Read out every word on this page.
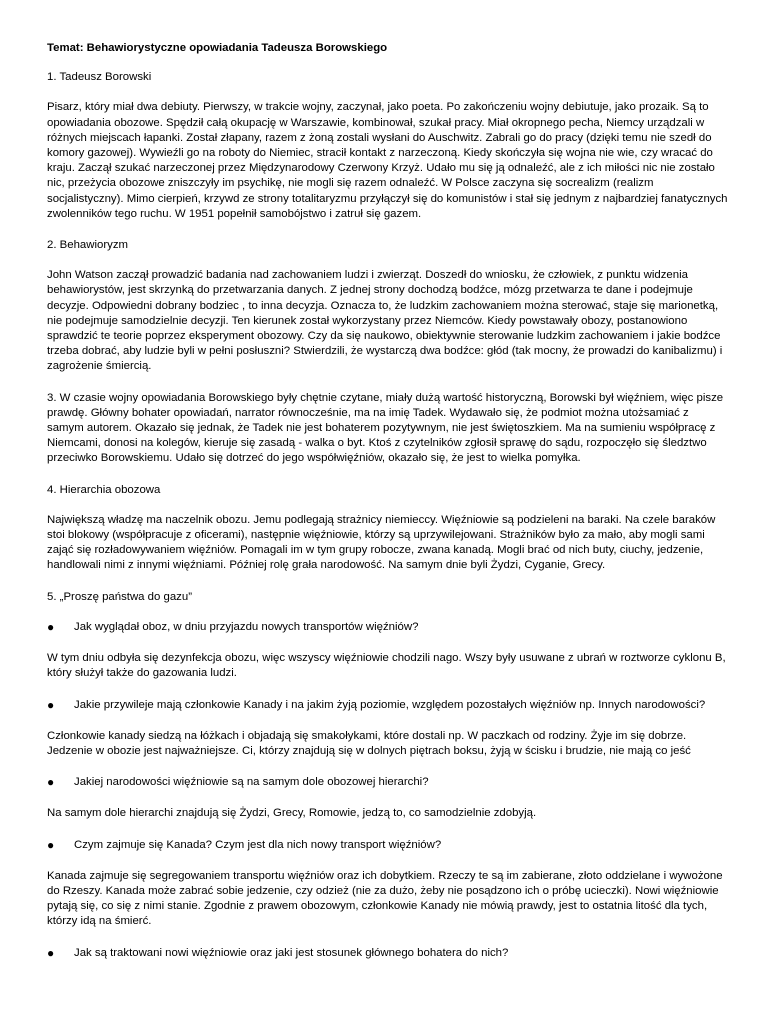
Temat: Behawiorystyczne opowiadania Tadeusza Borowskiego

1. Tadeusz Borowski

Pisarz, który miał dwa debiuty. Pierwszy, w trakcie wojny, zaczynał, jako poeta. Po zakończeniu wojny debiutuje, jako prozaik. Są to opowiadania obozowe. Spędził całą okupację w Warszawie, kombinował, szukał pracy. Miał okropnego pecha, Niemcy urządzali w różnych miejscach łapanki. Został złapany, razem z żoną zostali wysłani do Auschwitz. Zabrali go do pracy (dzięki temu nie szedł do komory gazowej). Wywieźli go na roboty do Niemiec, stracił kontakt z narzeczoną. Kiedy skończyła się wojna nie wie, czy wracać do kraju. Zaczął szukać narzeczonej przez Międzynarodowy Czerwony Krzyż. Udało mu się ją odnaleźć, ale z ich miłości nic nie zostało nic, przeżycia obozowe zniszczyły im psychikę, nie mogli się razem odnaleźć. W Polsce zaczyna się socrealizm (realizm socjalistyczny). Mimo cierpień, krzywd ze strony totalitaryzmu przyłączył się do komunistów i stał się jednym z najbardziej fanatycznych zwolenników tego ruchu. W 1951 popełnił samobójstwo i zatruł się gazem.

2. Behawioryzm

John Watson zaczął prowadzić badania nad zachowaniem ludzi i zwierząt. Doszedł do wniosku, że człowiek, z punktu widzenia behawiorystów, jest skrzynką do przetwarzania danych. Z jednej strony dochodzą bodźce, mózg przetwarza te dane i podejmuje decyzje. Odpowiedni dobrany bodziec , to inna decyzja. Oznacza to, że ludzkim zachowaniem można sterować, staje się marionetką, nie podejmuje samodzielnie decyzji. Ten kierunek został wykorzystany przez Niemców. Kiedy powstawały obozy, postanowiono sprawdzić te teorie poprzez eksperyment obozowy. Czy da się naukowo, obiektywnie sterowanie ludzkim zachowaniem i jakie bodźce trzeba dobrać, aby ludzie byli w pełni posłuszni? Stwierdzili, że wystarczą dwa bodźce: głód (tak mocny, że prowadzi do kanibalizmu) i zagrożenie śmiercią.

3. W czasie wojny opowiadania Borowskiego były chętnie czytane, miały dużą wartość historyczną, Borowski był więźniem, więc pisze prawdę. Główny bohater opowiadań, narrator równocześnie, ma na imię Tadek. Wydawało się, że podmiot można utożsamiać z samym autorem. Okazało się jednak, że Tadek nie jest bohaterem pozytywnym, nie jest świętoszkiem. Ma na sumieniu współpracę z Niemcami, donosi na kolegów, kieruje się zasadą - walka o byt. Ktoś z czytelników zgłosił sprawę do sądu, rozpoczęło się śledztwo przeciwko Borowskiemu. Udało się dotrzeć do jego współwięźniów, okazało się, że jest to wielka pomyłka.

4. Hierarchia obozowa

Największą władzę ma naczelnik obozu. Jemu podlegają strażnicy niemieccy. Więźniowie są podzieleni na baraki. Na czele baraków stoi blokowy (współpracuje z oficerami), następnie więźniowie, którzy są uprzywilejowani. Strażników było za mało, aby mogli sami zająć się rozładowywaniem więźniów. Pomagali im w tym grupy robocze, zwana kanadą. Mogli brać od nich buty, ciuchy, jedzenie, handlowali nimi z innymi więźniami. Później rolę grała narodowość. Na samym dnie byli Żydzi, Cyganie, Grecy.

5. „Proszę państwa do gazu”

●	Jak wyglądał oboz, w dniu przyjazdu nowych transportów więźniów?

W tym dniu odbyła się dezynfekcja obozu, więc wszyscy więźniowie chodzili nago. Wszy były usuwane z ubrań w roztworze cyklonu B, który służył także do gazowania ludzi.

●	Jakie przywileje mają członkowie Kanady i na jakim żyją poziomie, względem pozostałych więźniów np. Innych narodowości?

Członkowie kanady siedzą na łóżkach i objadają się smakołykami, które dostali np. W paczkach od rodziny. Żyje im się dobrze. Jedzenie w obozie jest najważniejsze. Ci, którzy znajdują się w dolnych piętrach boksu, żyją w ścisku i brudzie, nie mają co jeść

●	Jakiej narodowości więźniowie są na samym dole obozowej hierarchi?

Na samym dole hierarchi znajdują się Żydzi, Grecy, Romowie, jedzą to, co samodzielnie zdobyją.

●	Czym zajmuje się Kanada? Czym jest dla nich nowy transport więźniów?

Kanada zajmuje się segregowaniem transportu więźniów oraz ich dobytkiem. Rzeczy te są im zabierane, złoto oddzielane i wywożone do Rzeszy. Kanada może zabrać sobie jedzenie, czy odzież (nie za dużo, żeby nie posądzono ich o próbę ucieczki). Nowi więźniowie pytają się, co się z nimi stanie. Zgodnie z prawem obozowym, członkowie Kanady nie mówią prawdy, jest to ostatnia litość dla tych, którzy idą na śmierć.

●	Jak są traktowani nowi więźniowie oraz jaki jest stosunek głównego bohatera do nich?
